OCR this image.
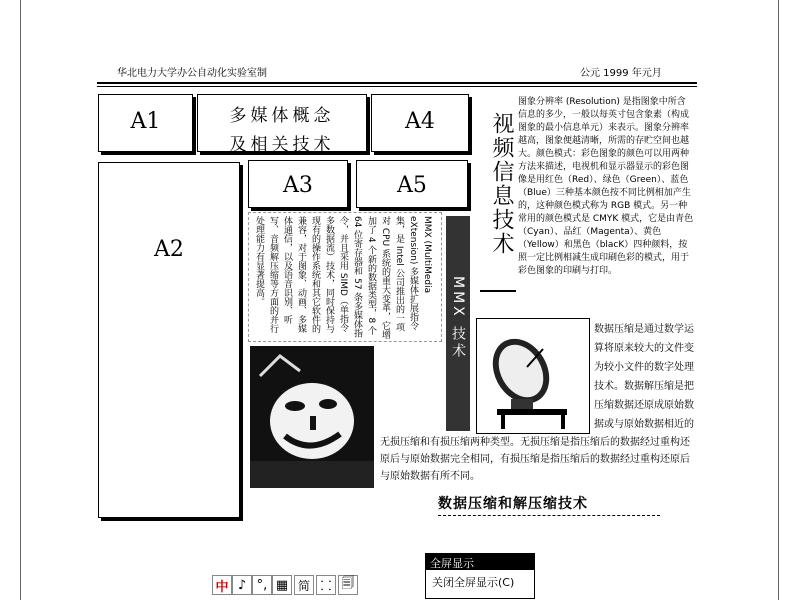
华北电力大学办公自动化实验室制	公元 1999 年元月
A1	多媒体概念
及相关技术
A4
A2
A3	A5
MMX (MultiMedia eXtension) 多媒体扩展指令集，是 Intel 公司推出的一项对 CPU 系统的重大变革，它增加了 4 个新的数据类型，8 个 64 位寄存器和 57 条多媒体指令，并且采用 SIMD（单指令多数据流）技术，同时保持与现有的操作系统和其它软件的兼容，对于图象、动画、多媒体通信，以及语音识别、听写、音频解压缩等方面的并行处理能力有显著提高。
MMX 技术
视频信息技术
图象分辨率 (Resolution) 是指图象中所含信息的多少，一般以每英寸包含象素（构成图象的最小信息单元）来表示。图象分辨率越高，图象便越清晰，所需的存贮空间也越大。颜色模式：彩色图象的颜色可以用两种方法来描述，电视机和显示器显示的彩色图像是用红色（Red）、绿色（Green）、蓝色（Blue）三种基本颜色按不同比例相加产生的，这种颜色模式称为 RGB 模式。另一种常用的颜色模式是 CMYK 模式，它是由青色（Cyan）、品红（Magenta）、黄色（Yellow）和黑色（blacK）四种颜料，按照一定比例相减生成印刷色彩的模式，用于彩色图象的印刷与打印。
数据压缩是通过数学运算将原来较大的文件变为较小文件的数字处理技术。数据解压缩是把压缩数据还原成原始数据或与原始数据相近的
无损压缩和有损压缩两种类型。无损压缩是指压缩后的数据经过重构还原后与原始数据完全相同，有损压缩是指压缩后的数据经过重构还原后与原始数据有所不同。
数据压缩和解压缩技术
中 ♪ °, ▦ 简 ⸬ 🗐
全屏显示
关闭全屏显示(C)
